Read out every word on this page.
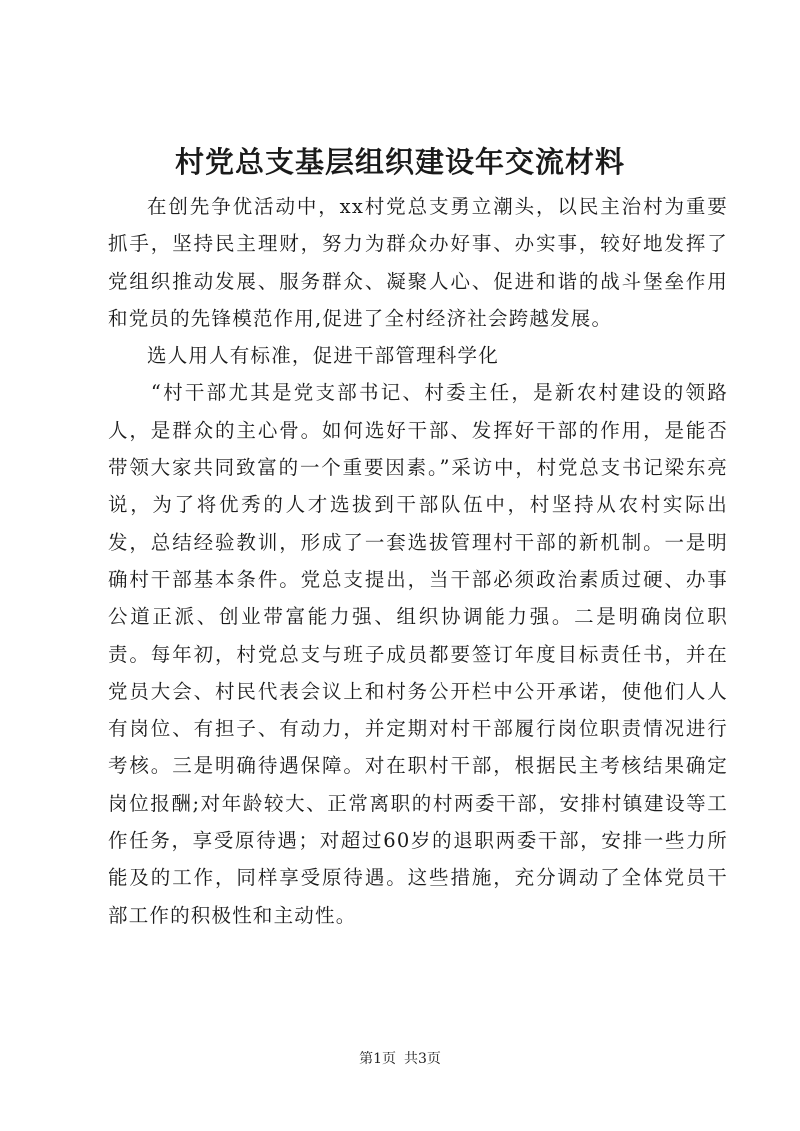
村党总支基层组织建设年交流材料

在创先争优活动中，xx村党总支勇立潮头，以民主治村为重要抓手，坚持民主理财，努力为群众办好事、办实事，较好地发挥了党组织推动发展、服务群众、凝聚人心、促进和谐的战斗堡垒作用和党员的先锋模范作用,促进了全村经济社会跨越发展。

选人用人有标准，促进干部管理科学化

“村干部尤其是党支部书记、村委主任，是新农村建设的领路人，是群众的主心骨。如何选好干部、发挥好干部的作用，是能否带领大家共同致富的一个重要因素。”采访中，村党总支书记梁东亮说，为了将优秀的人才选拔到干部队伍中，村坚持从农村实际出发，总结经验教训，形成了一套选拔管理村干部的新机制。一是明确村干部基本条件。党总支提出，当干部必须政治素质过硬、办事公道正派、创业带富能力强、组织协调能力强。二是明确岗位职责。每年初，村党总支与班子成员都要签订年度目标责任书，并在党员大会、村民代表会议上和村务公开栏中公开承诺，使他们人人有岗位、有担子、有动力，并定期对村干部履行岗位职责情况进行考核。三是明确待遇保障。对在职村干部，根据民主考核结果确定岗位报酬;对年龄较大、正常离职的村两委干部，安排村镇建设等工作任务，享受原待遇；对超过60岁的退职两委干部，安排一些力所能及的工作，同样享受原待遇。这些措施，充分调动了全体党员干部工作的积极性和主动性。

第1页 共3页
